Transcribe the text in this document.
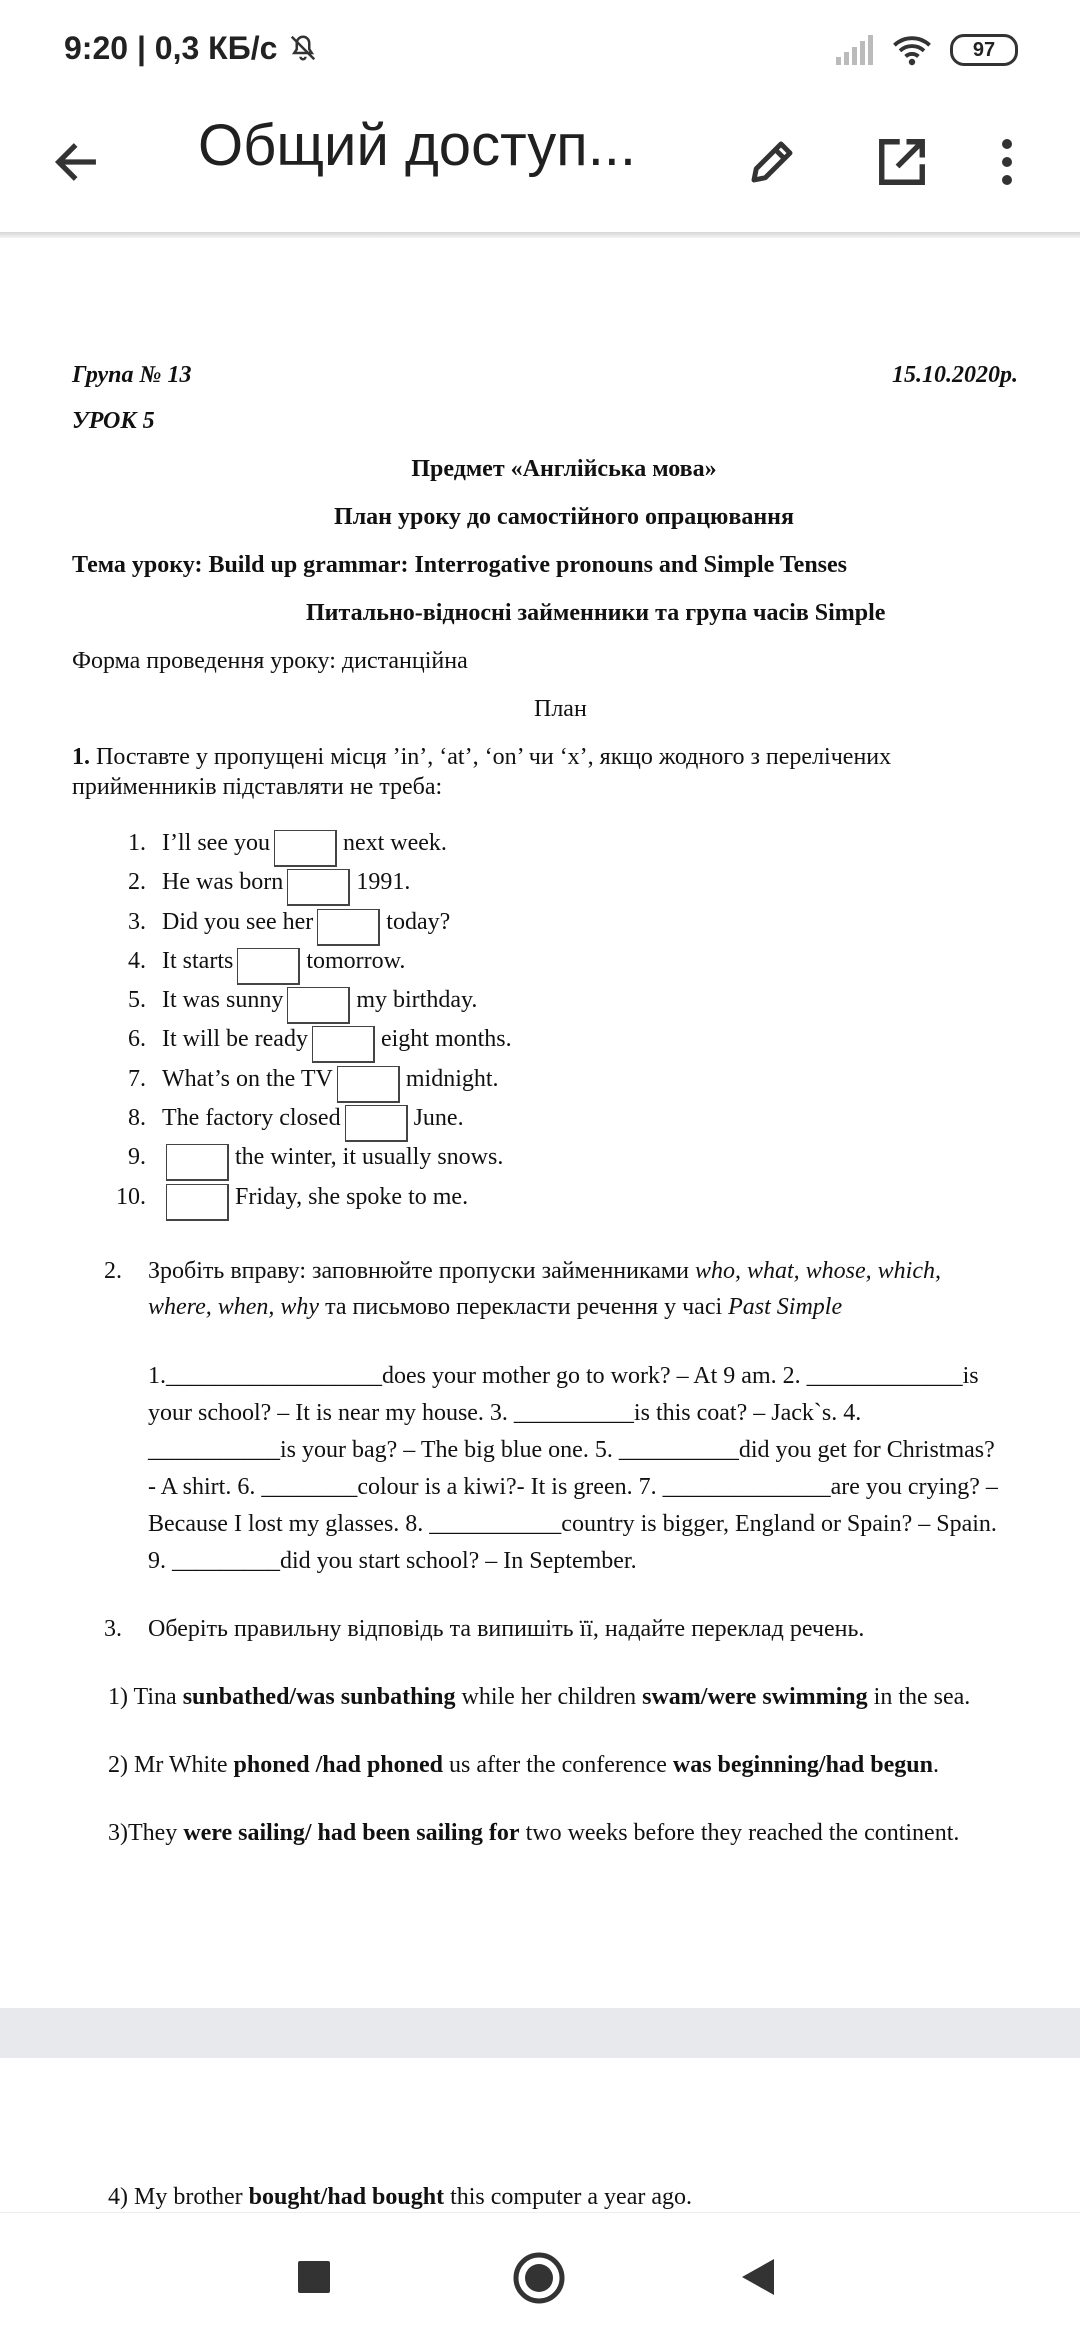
9:20 | 0,3 КБ/с	97
Общий доступ...
Група № 13	15.10.2020р.
УРОК 5
Предмет «Англійська мова»
План уроку до самостійного опрацювання
Тема уроку: Build up grammar: Interrogative pronouns and Simple Tenses
Питально-відносні займенники та група часів Simple
Форма проведення уроку: дистанційна
План
1. Поставте у пропущені місця ’in’, ‘at’, ‘on’ чи ‘x’, якщо жодного з перелічених
прийменників підставляти не треба:
1. I’ll see you	next week.
2. He was born	1991.
3. Did you see her	today?
4. It starts	tomorrow.
5. It was sunny	my birthday.
6. It will be ready	eight months.
7. What’s on the TV	midnight.
8. The factory closed	June.
9.	the winter, it usually snows.
10.	Friday, she spoke to me.
2. Зробіть вправу: заповнюйте пропуски займенниками who, what, whose, which,
where, when, why та письмово перекласти речення у часі Past Simple
1.__________________does your mother go to work? – At 9 am. 2. _____________is
your school? – It is near my house. 3. __________is this coat? – Jack`s. 4.
___________is your bag? – The big blue one. 5. __________did you get for Christmas?
- A shirt. 6. ________colour is a kiwi?- It is green. 7. ______________are you crying? –
Because I lost my glasses. 8. ___________country is bigger, England or Spain? – Spain.
9. _________did you start school? – In September.
3. Оберіть правильну відповідь та випишіть її, надайте переклад речень.
1) Tina sunbathed/was sunbathing while her children swam/were swimming in the sea.
2) Mr White phoned /had phoned us after the conference was beginning/had begun.
3)They were sailing/ had been sailing for two weeks before they reached the continent.
4) My brother bought/had bought this computer a year ago.
